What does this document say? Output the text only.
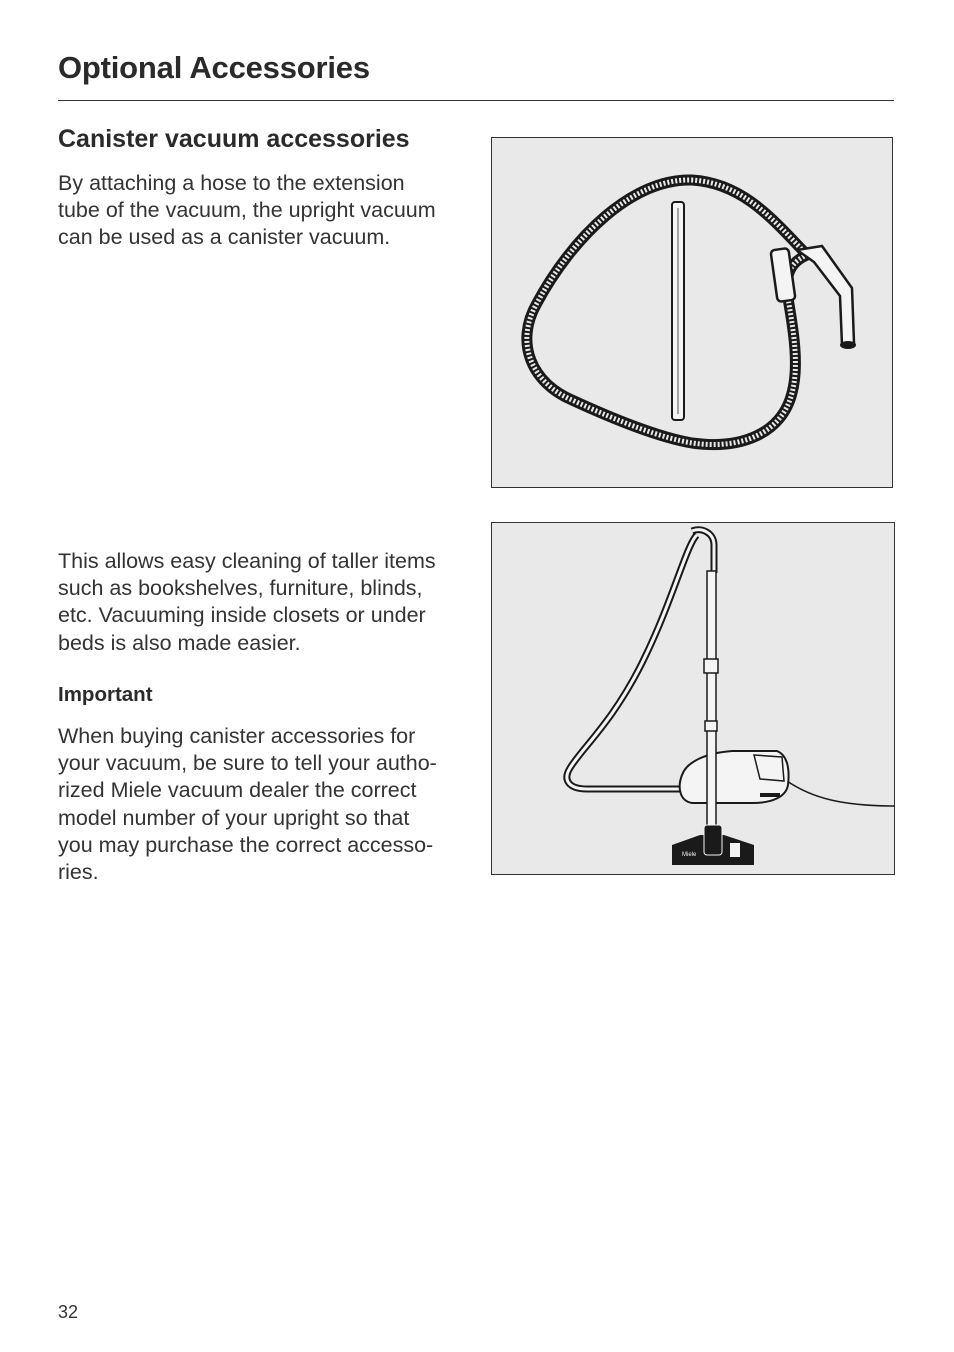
Optional Accessories
Canister vacuum accessories

By attaching a hose to the extension
tube of the vacuum, the upright vacuum
can be used as a canister vacuum.

This allows easy cleaning of taller items
such as bookshelves, furniture, blinds,
etc. Vacuuming inside closets or under
beds is also made easier.

Important

When buying canister accessories for
your vacuum, be sure to tell your autho-
rized Miele vacuum dealer the correct
model number of your upright so that
you may purchase the correct accesso-
ries.

Miele
32
